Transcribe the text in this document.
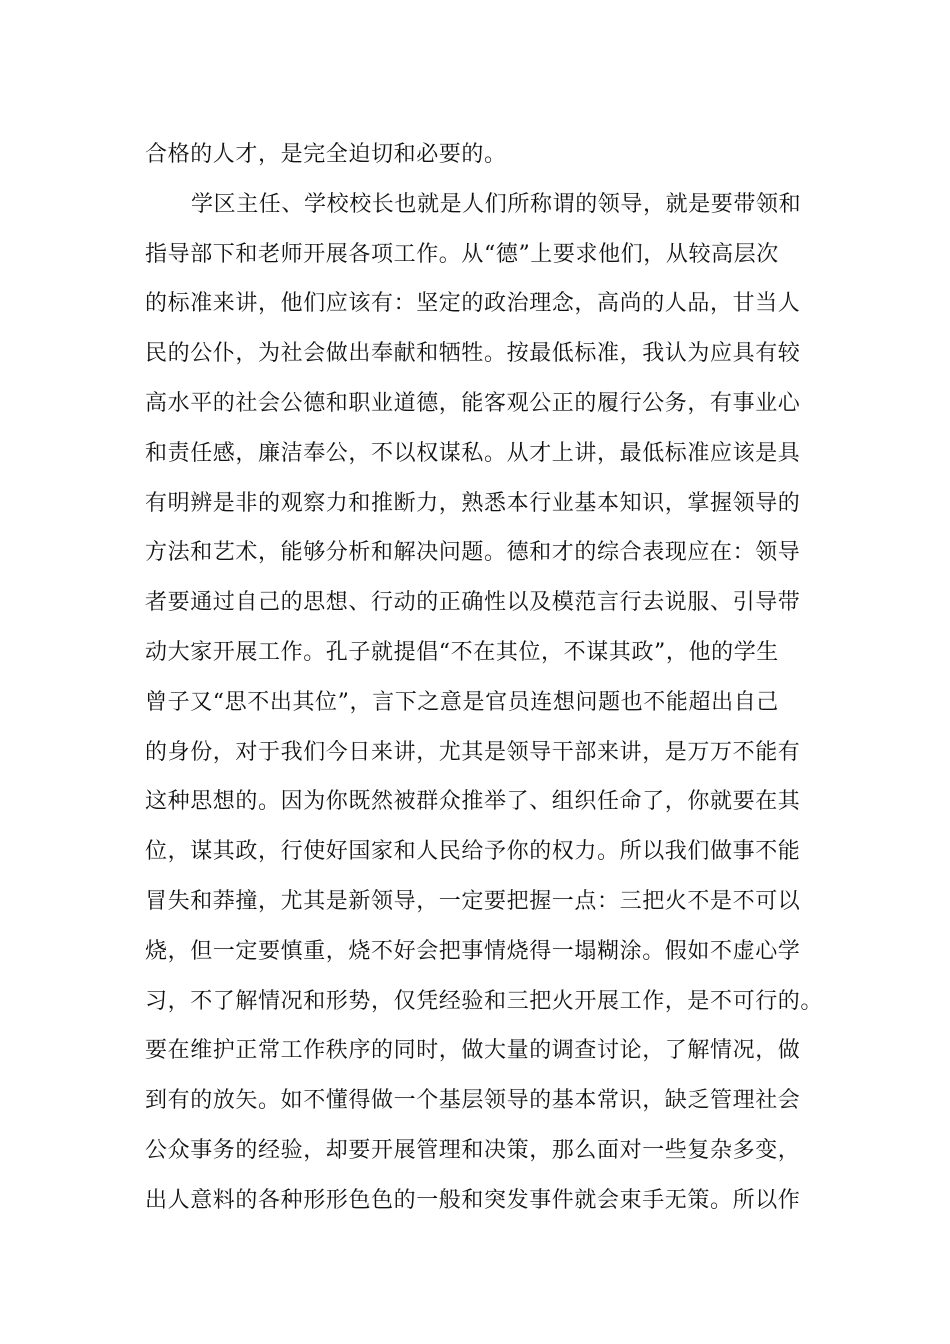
合格的人才，是完全迫切和必要的。
学区主任、学校校长也就是人们所称谓的领导，就是要带领和
指导部下和老师开展各项工作。从“德”上要求他们，从较高层次
的标准来讲，他们应该有：坚定的政治理念，高尚的人品，甘当人
民的公仆，为社会做出奉献和牺牲。按最低标准，我认为应具有较
高水平的社会公德和职业道德，能客观公正的履行公务，有事业心
和责任感，廉洁奉公，不以权谋私。从才上讲，最低标准应该是具
有明辨是非的观察力和推断力，熟悉本行业基本知识，掌握领导的
方法和艺术，能够分析和解决问题。德和才的综合表现应在：领导
者要通过自己的思想、行动的正确性以及模范言行去说服、引导带
动大家开展工作。孔子就提倡“不在其位，不谋其政”，他的学生
曾子又“思不出其位”，言下之意是官员连想问题也不能超出自己
的身份，对于我们今日来讲，尤其是领导干部来讲，是万万不能有
这种思想的。因为你既然被群众推举了、组织任命了，你就要在其
位，谋其政，行使好国家和人民给予你的权力。所以我们做事不能
冒失和莽撞，尤其是新领导，一定要把握一点：三把火不是不可以
烧，但一定要慎重，烧不好会把事情烧得一塌糊涂。假如不虚心学
习，不了解情况和形势，仅凭经验和三把火开展工作，是不可行的。
要在维护正常工作秩序的同时，做大量的调查讨论，了解情况，做
到有的放矢。如不懂得做一个基层领导的基本常识，缺乏管理社会
公众事务的经验，却要开展管理和决策，那么面对一些复杂多变，
出人意料的各种形形色色的一般和突发事件就会束手无策。所以作
